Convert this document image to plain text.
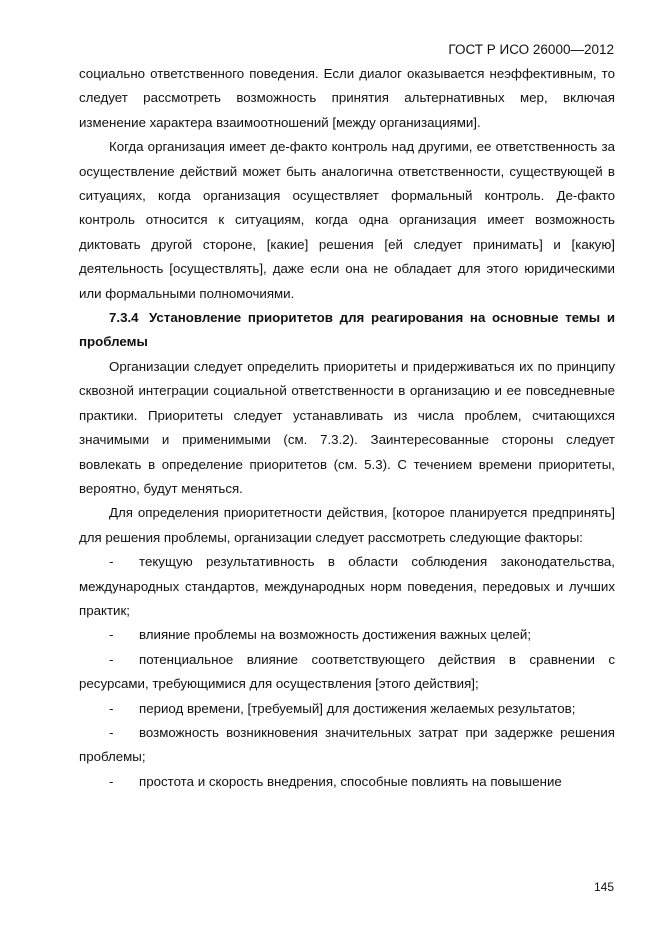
ГОСТ Р ИСО 26000—2012

социально ответственного поведения. Если диалог оказывается неэффективным, то следует рассмотреть возможность принятия альтернативных мер, включая изменение характера взаимоотношений [между организациями].

Когда организация имеет де-факто контроль над другими, ее ответственность за осуществление действий может быть аналогична ответственности, существующей в ситуациях, когда организация осуществляет формальный контроль. Де-факто контроль относится к ситуациям, когда одна организация имеет возможность диктовать другой стороне, [какие] решения [ей следует принимать] и [какую] деятельность [осуществлять], даже если она не обладает для этого юридическими или формальными полномочиями.

7.3.4 Установление приоритетов для реагирования на основные темы и проблемы

Организации следует определить приоритеты и придерживаться их по принципу сквозной интеграции социальной ответственности в организацию и ее повседневные практики. Приоритеты следует устанавливать из числа проблем, считающихся значимыми и применимыми (см. 7.3.2). Заинтересованные стороны следует вовлекать в определение приоритетов (см. 5.3). С течением времени приоритеты, вероятно, будут меняться.

Для определения приоритетности действия, [которое планируется предпринять] для решения проблемы, организации следует рассмотреть следующие факторы:

- текущую результативность в области соблюдения законодательства, международных стандартов, международных норм поведения, передовых и лучших практик;

- влияние проблемы на возможность достижения важных целей;

- потенциальное влияние соответствующего действия в сравнении с ресурсами, требующимися для осуществления [этого действия];

- период времени, [требуемый] для достижения желаемых результатов;

- возможность возникновения значительных затрат при задержке решения проблемы;

- простота и скорость внедрения, способные повлиять на повышение

145
